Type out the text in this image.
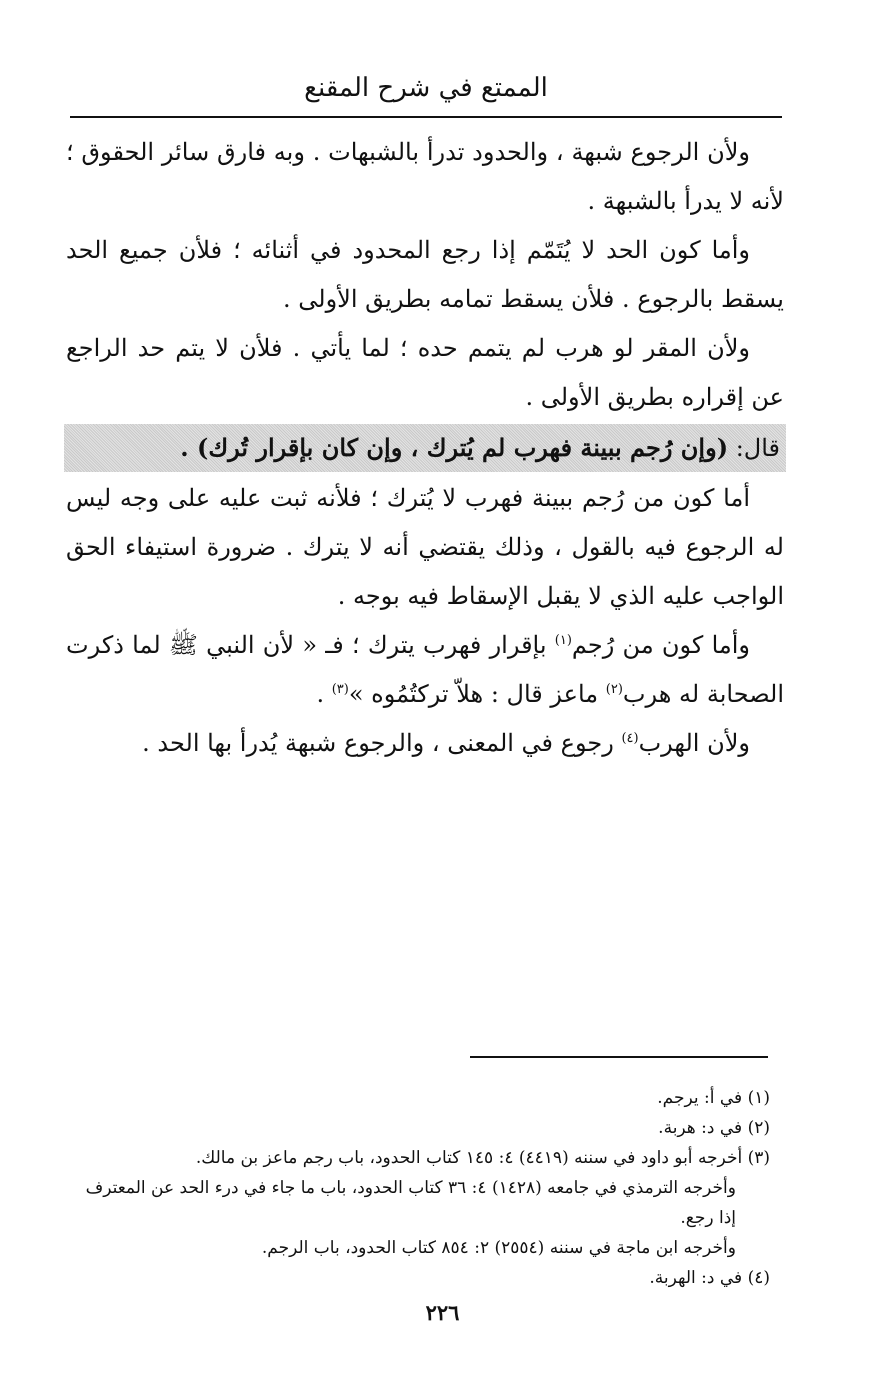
الممتع في شرح المقنع

ولأن الرجوع شبهة ، والحدود تدرأ بالشبهات . وبه فارق سائر الحقوق ؛ لأنه لا يدرأ بالشبهة .

وأما كون الحد لا يُتَمّم إذا رجع المحدود في أثنائه ؛ فلأن جميع الحد يسقط بالرجوع . فلأن يسقط تمامه بطريق الأولى .

ولأن المقر لو هرب لم يتمم حده ؛ لما يأتي . فلأن لا يتم حد الراجع عن إقراره بطريق الأولى .

قال: (وإن رُجم ببينة فهرب لم يُترك ، وإن كان بإقرار تُرك) .

أما كون من رُجم ببينة فهرب لا يُترك ؛ فلأنه ثبت عليه على وجه ليس له الرجوع فيه بالقول ، وذلك يقتضي أنه لا يترك . ضرورة استيفاء الحق الواجب عليه الذي لا يقبل الإسقاط فيه بوجه .

وأما كون من رُجم$^{(١)}$ بإقرار فهرب يترك ؛ فـ « لأن النبي ﷺ لما ذكرت الصحابة له هرب$^{(٢)}$ ماعز قال : هلاّ تركتُمُوه »$^{(٣)}$ .

ولأن الهرب$^{(٤)}$ رجوع في المعنى ، والرجوع شبهة يُدرأ بها الحد .

(١) في أ: يرجم.

(٢) في د: هربة.

(٣) أخرجه أبو داود في سننه (٤٤١٩) ٤: ١٤٥ كتاب الحدود، باب رجم ماعز بن مالك.

وأخرجه الترمذي في جامعه (١٤٢٨) ٤: ٣٦ كتاب الحدود، باب ما جاء في درء الحد عن المعترف إذا رجع.

وأخرجه ابن ماجة في سننه (٢٥٥٤) ٢: ٨٥٤ كتاب الحدود، باب الرجم.

(٤) في د: الهربة.

٢٢٦
